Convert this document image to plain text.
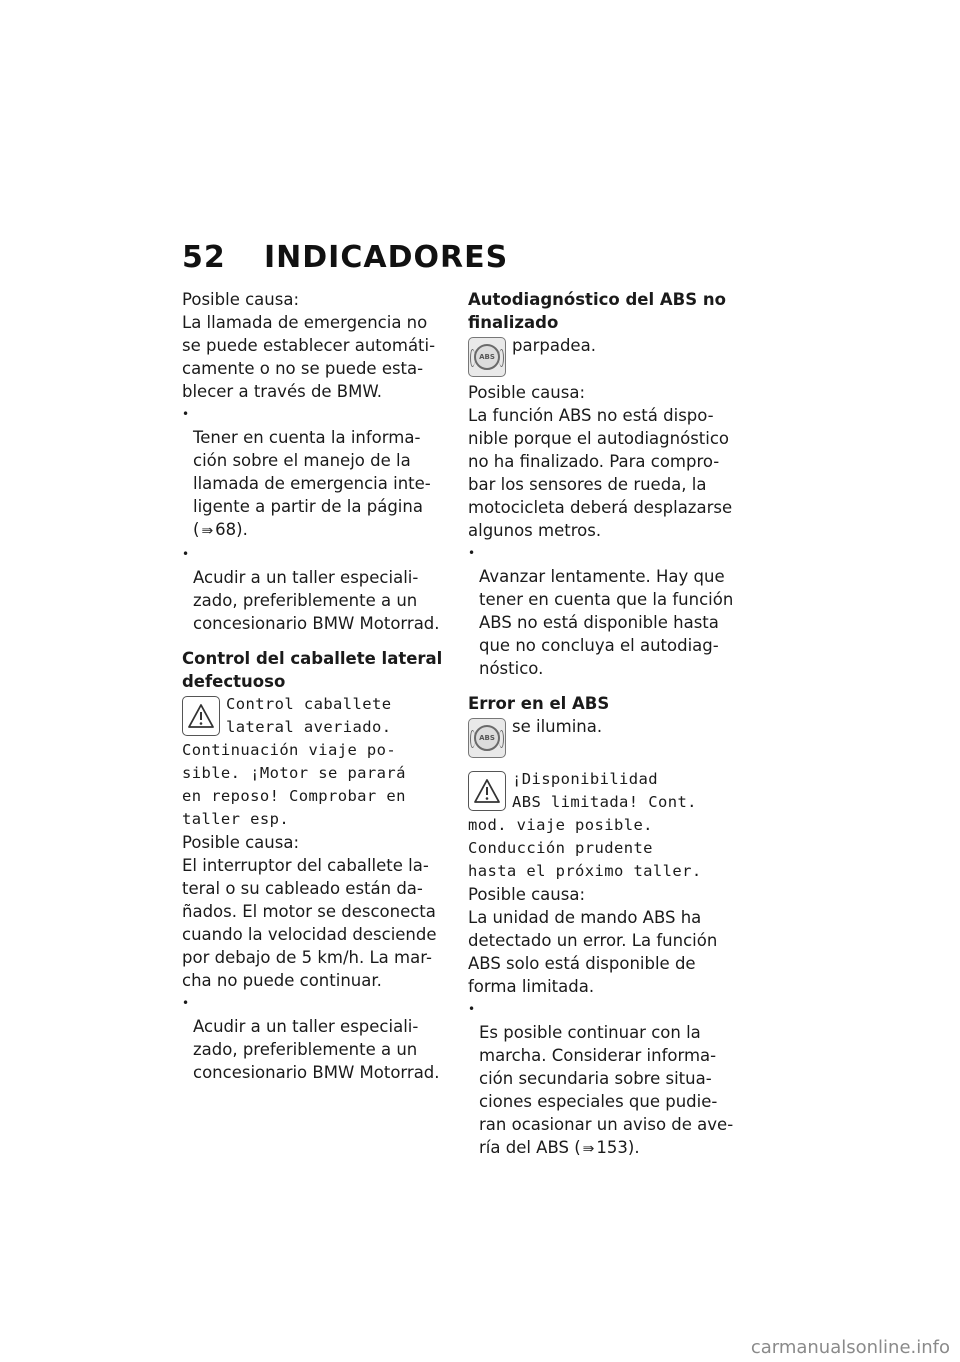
52 INDICADORES

Posible causa:

La llamada de emergencia no
se puede establecer automáti-
camente o no se puede esta-
blecer a través de BMW.

•
Tener en cuenta la informa-
ción sobre el manejo de la
llamada de emergencia inte-
ligente a partir de la página
( ⇛ 68).

•
Acudir a un taller especiali-
zado, preferiblemente a un
concesionario BMW Motorrad.

Control del caballete lateral
defectuoso

Control caballete
lateral averiado.

Continuación viaje po-
sible. ¡Motor se parará
en reposo! Comprobar en
taller esp.

Posible causa:

El interruptor del caballete la-
teral o su cableado están da-
ñados. El motor se desconecta
cuando la velocidad desciende
por debajo de 5 km/h. La mar-
cha no puede continuar.

•
Acudir a un taller especiali-
zado, preferiblemente a un
concesionario BMW Motorrad.

Autodiagnóstico del ABS no
finalizado

ABS

parpadea.

Posible causa:

La función ABS no está dispo-
nible porque el autodiagnóstico
no ha finalizado. Para compro-
bar los sensores de rueda, la
motocicleta deberá desplazarse
algunos metros.

•
Avanzar lentamente. Hay que
tener en cuenta que la función
ABS no está disponible hasta
que no concluya el autodiag-
nóstico.

Error en el ABS

ABS

se ilumina.

¡Disponibilidad
ABS limitada! Cont.

mod. viaje posible.
Conducción prudente
hasta el próximo taller.

Posible causa:

La unidad de mando ABS ha
detectado un error. La función
ABS solo está disponible de
forma limitada.

•
Es posible continuar con la
marcha. Considerar informa-
ción secundaria sobre situa-
ciones especiales que pudie-
ran ocasionar un aviso de ave-
ría del ABS ( ⇛ 153).

carmanualsonline.info
